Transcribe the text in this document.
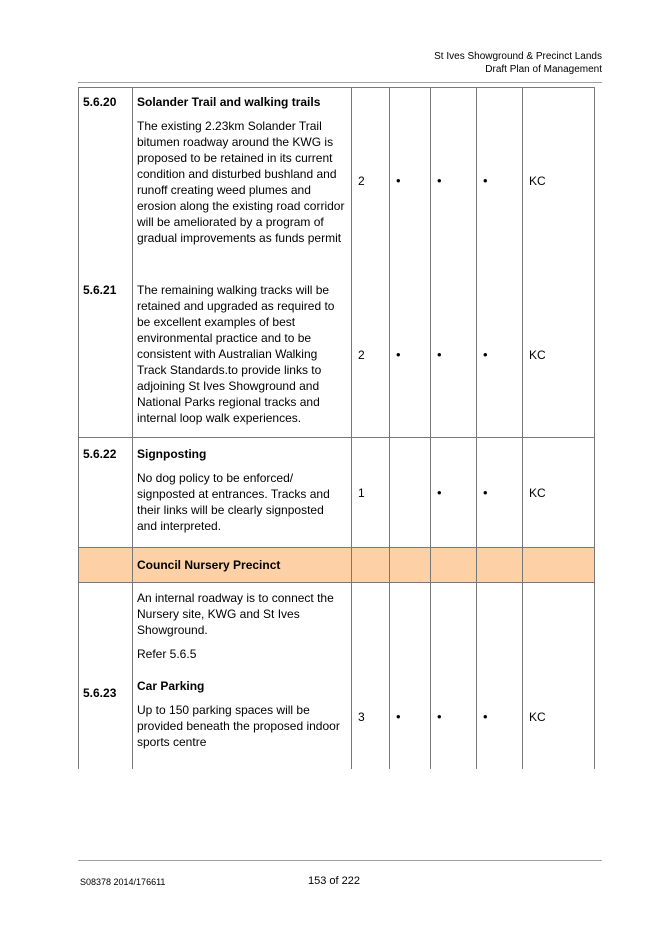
St Ives Showground & Precinct Lands
Draft Plan of Management
5.6.20	Solander Trail and walking trails
The existing 2.23km Solander Trail bitumen roadway around the KWG is proposed to be retained in its current condition and disturbed bushland and runoff creating weed plumes and erosion along the existing road corridor will be ameliorated by a program of gradual improvements as funds permit	2	•	•	•	KC
5.6.21	The remaining walking tracks will be retained and upgraded as required to be excellent examples of best environmental practice and to be consistent with Australian Walking Track Standards.to provide links to adjoining St Ives Showground and National Parks regional tracks and internal loop walk experiences.	2	•	•	•	KC
5.6.22	Signposting
No dog policy to be enforced/ signposted at entrances. Tracks and their links will be clearly signposted and interpreted.	1		•	•	KC

	Council Nursery Precinct					

5.6.23	An internal roadway is to connect the Nursery site, KWG and St Ives Showground.
Refer 5.6.5
Car Parking
Up to 150 parking spaces will be provided beneath the proposed indoor sports centre	3	•	•	•	KC
S08378 2014/176611	153 of 222
